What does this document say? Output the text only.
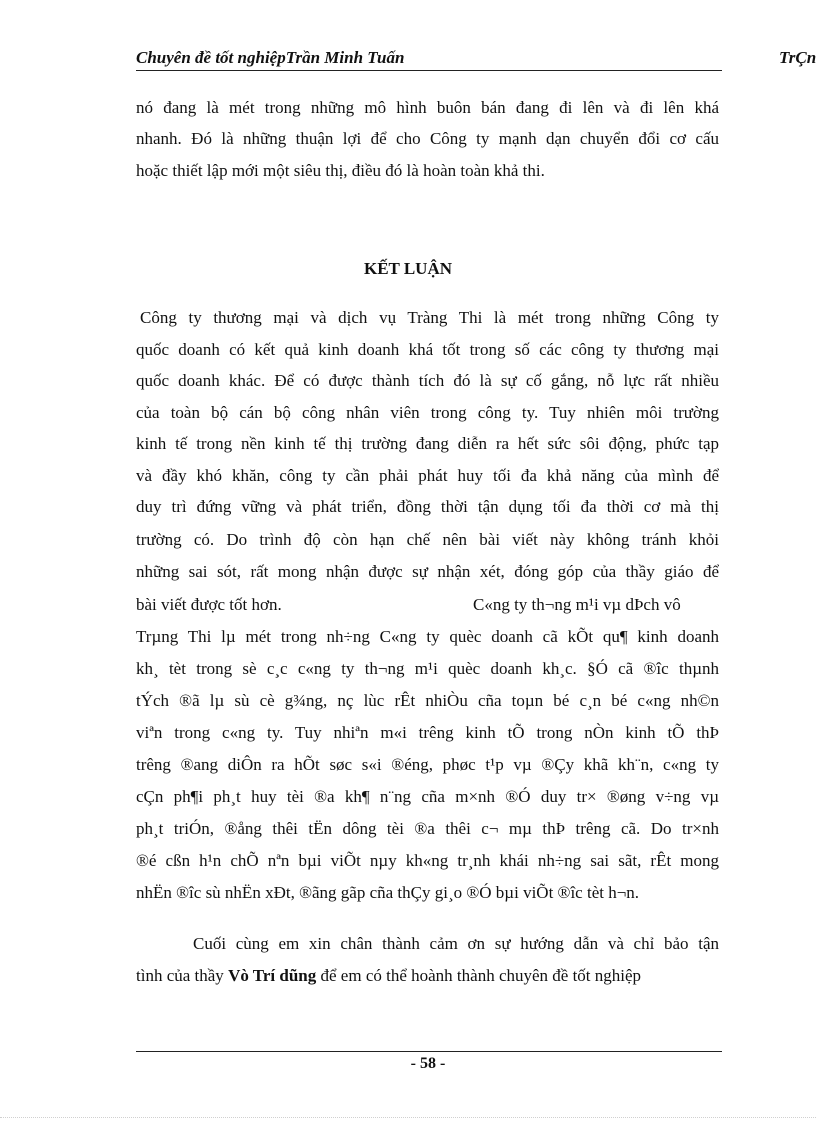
Chuyên đề tốt nghiệpTrần Minh Tuấn	TrÇn
nó đang là mét trong những mô hình buôn bán đang đi lên và đi lên khá
nhanh. Đó là những thuận lợi để cho Công ty mạnh dạn chuyển đổi cơ cấu
hoặc thiết lập mới một siêu thị, điều đó là hoàn toàn khả thi.
KẾT LUẬN
Công ty thương mại và dịch vụ Tràng Thi là mét trong những Công ty
quốc doanh có kết quả kinh doanh khá tốt trong số các công ty thương mại
quốc doanh khác. Để có được thành tích đó là sự cố gắng, nỗ lực rất nhiều
của toàn bộ cán bộ công nhân viên trong công ty. Tuy nhiên môi trường
kinh tế trong nền kinh tế thị trường đang diễn ra hết sức sôi động, phức tạp
và đầy khó khăn, công ty cần phải phát huy tối đa khả năng của mình để
duy trì đứng vững và phát triển, đồng thời tận dụng tối đa thời cơ mà thị
trường có. Do trình độ còn hạn chế nên bài viết này không tránh khỏi
những sai sót, rất mong nhận được sự nhận xét, đóng góp của thầy giáo để
bài viết được tốt hơn.	C«ng ty th¬ng m¹i vµ dÞch vô
Trµng Thi lµ mét trong nh÷ng C«ng ty quèc doanh cã kÕt qu¶ kinh doanh
kh¸ tèt trong sè c¸c c«ng ty th¬ng m¹i quèc doanh kh¸c. §Ó cã ®îc thµnh
tÝch ®ã lµ sù cè g¾ng, nç lùc rÊt nhiÒu cña toµn bé c¸n bé c«ng nh©n
viªn trong c«ng ty. Tuy nhiªn m«i trêng kinh tÕ trong nÒn kinh tÕ thÞ
trêng ®ang diÔn ra hÕt søc s«i ®éng, phøc t¹p vµ ®Çy khã kh¨n, c«ng ty
cÇn ph¶i ph¸t huy tèi ®a kh¶ n¨ng cña m×nh ®Ó duy tr× ®øng v÷ng vµ
ph¸t triÓn, ®ång thêi tËn dông tèi ®a thêi c¬ mµ thÞ trêng cã. Do tr×nh
®é cßn h¹n chÕ nªn bµi viÕt nµy kh«ng tr¸nh khái nh÷ng sai sãt, rÊt mong
nhËn ®îc sù nhËn xÐt, ®ãng gãp cña thÇy gi¸o ®Ó bµi viÕt ®îc tèt h¬n.
Cuối cùng em xin chân thành cảm ơn sự hướng dẫn và chỉ bảo tận
tình của thầy Vò Trí dũng để em có thể hoành thành chuyên đề tốt nghiệp
- 58 -
